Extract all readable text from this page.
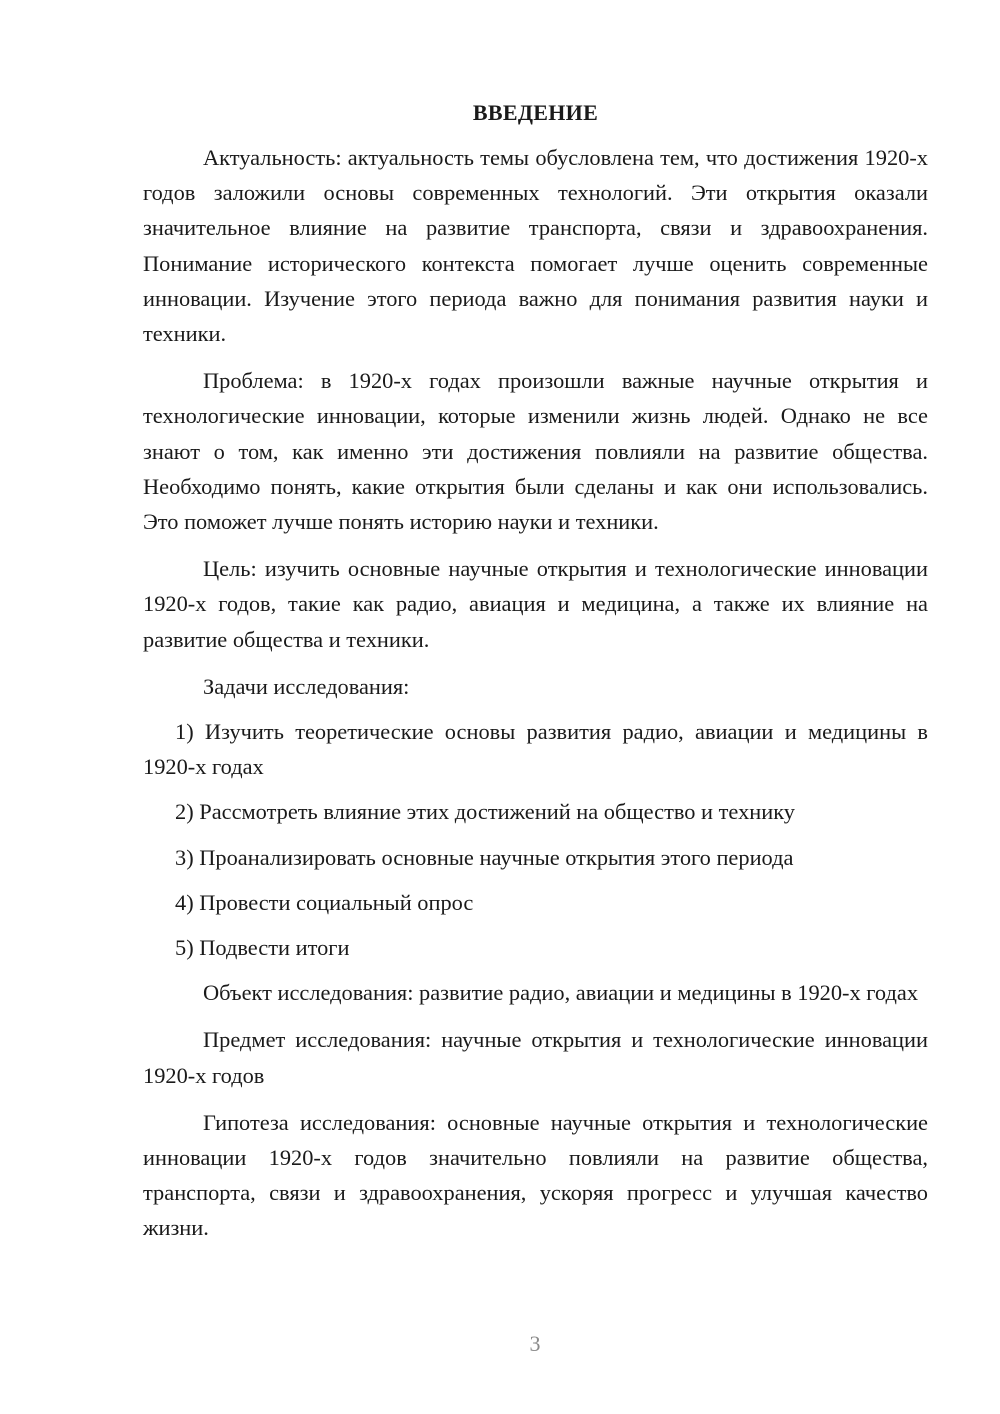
ВВЕДЕНИЕ

Актуальность: актуальность темы обусловлена тем, что достижения 1920-х годов заложили основы современных технологий. Эти открытия оказали значительное влияние на развитие транспорта, связи и здравоохранения. Понимание исторического контекста помогает лучше оценить современные инновации. Изучение этого периода важно для понимания развития науки и техники.

Проблема: в 1920-х годах произошли важные научные открытия и технологические инновации, которые изменили жизнь людей. Однако не все знают о том, как именно эти достижения повлияли на развитие общества. Необходимо понять, какие открытия были сделаны и как они использовались. Это поможет лучше понять историю науки и техники.

Цель: изучить основные научные открытия и технологические инновации 1920-х годов, такие как радио, авиация и медицина, а также их влияние на развитие общества и техники.

Задачи исследования:

1) Изучить теоретические основы развития радио, авиации и медицины в 1920-х годах

2) Рассмотреть влияние этих достижений на общество и технику

3) Проанализировать основные научные открытия этого периода

4) Провести социальный опрос

5) Подвести итоги

Объект исследования: развитие радио, авиации и медицины в 1920-х годах

Предмет исследования: научные открытия и технологические инновации 1920-х годов

Гипотеза исследования: основные научные открытия и технологические инновации 1920-х годов значительно повлияли на развитие общества, транспорта, связи и здравоохранения, ускоряя прогресс и улучшая качество жизни.

3
